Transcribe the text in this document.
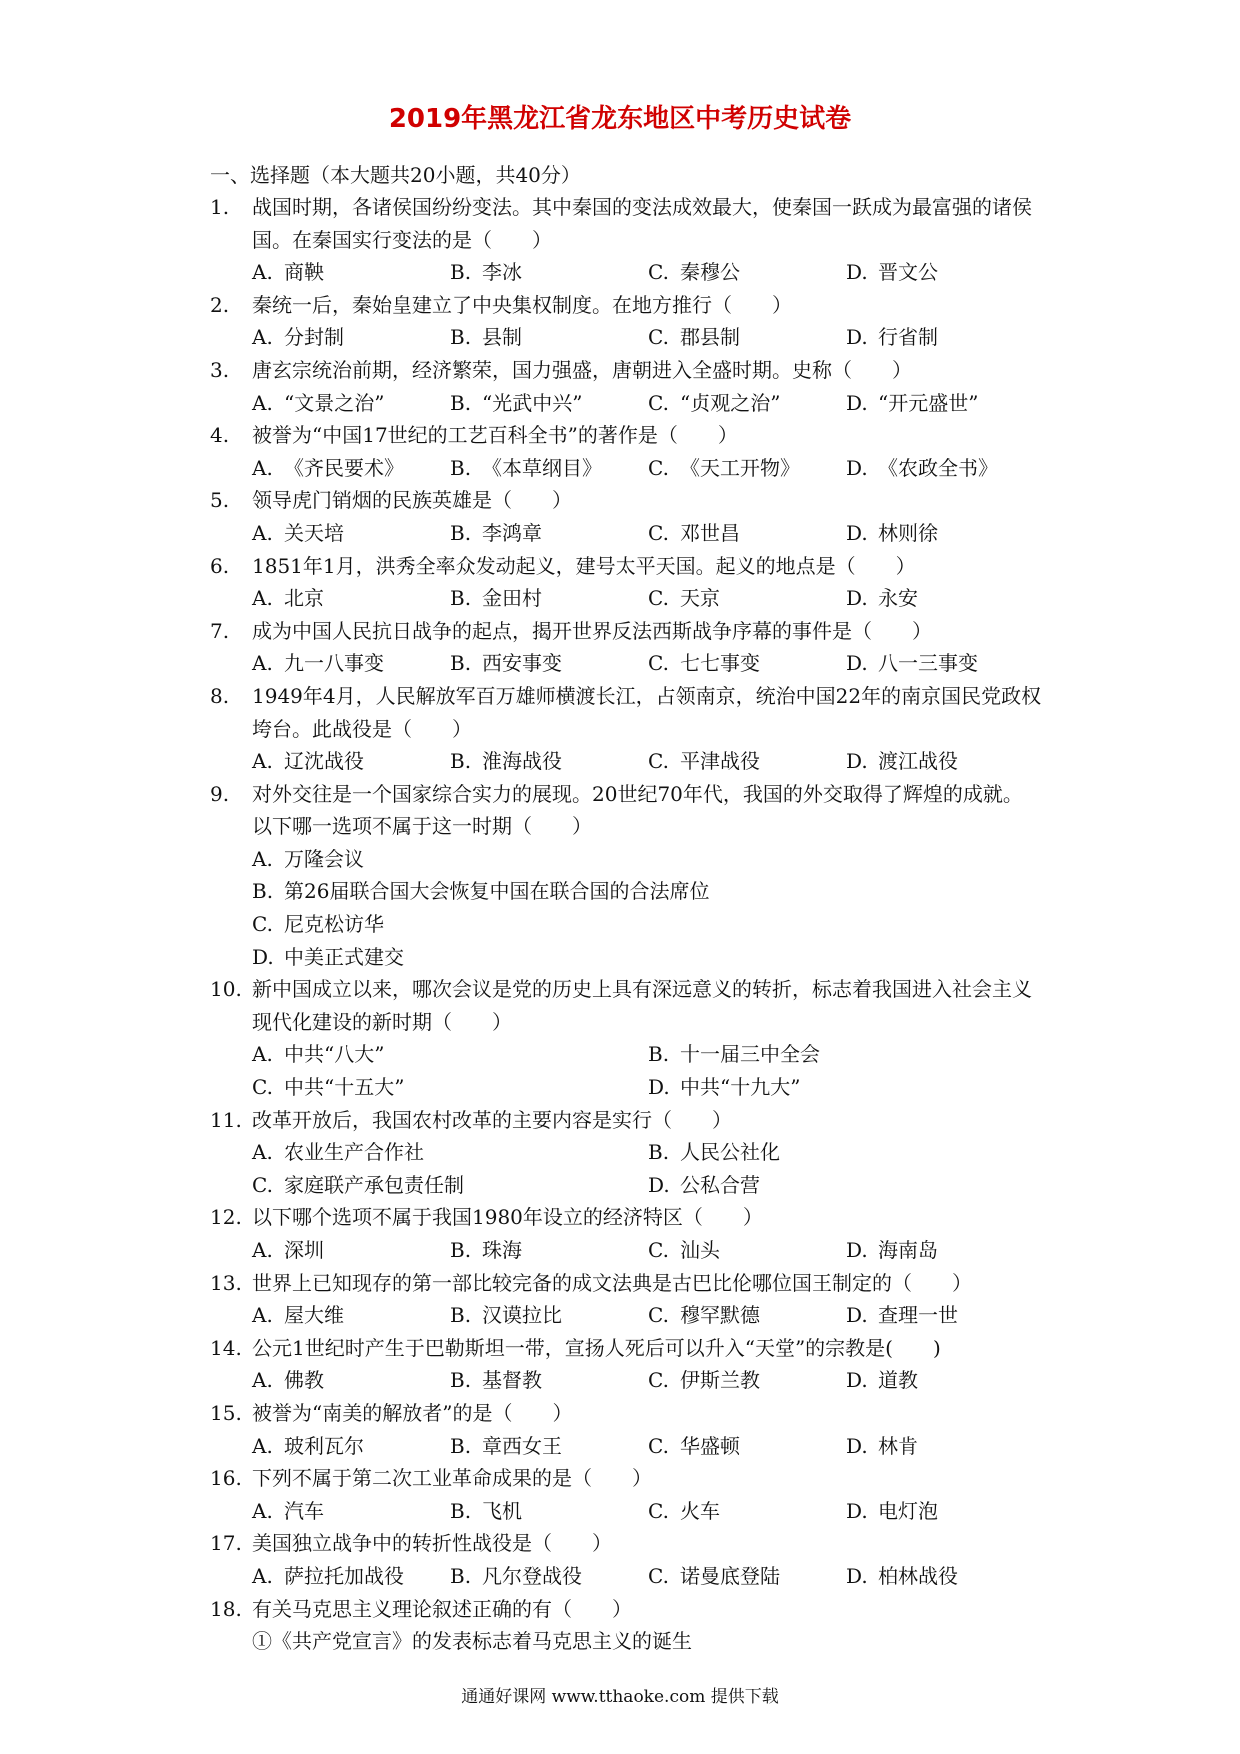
2019年黑龙江省龙东地区中考历史试卷
一、选择题（本大题共20小题，共40分）
1.	战国时期，各诸侯国纷纷变法。其中秦国的变法成效最大，使秦国一跃成为最富强的诸侯国。在秦国实行变法的是（　　）
A. 商鞅	B. 李冰	C. 秦穆公	D. 晋文公
2.	秦统一后，秦始皇建立了中央集权制度。在地方推行（　　）
A. 分封制	B. 县制	C. 郡县制	D. 行省制
3.	唐玄宗统治前期，经济繁荣，国力强盛，唐朝进入全盛时期。史称（　　）
A. “文景之治”	B. “光武中兴”	C. “贞观之治”	D. “开元盛世”
4.	被誉为“中国17世纪的工艺百科全书”的著作是（　　）
A. 《齐民要术》	B. 《本草纲目》	C. 《天工开物》	D. 《农政全书》
5.	领导虎门销烟的民族英雄是（　　）
A. 关天培	B. 李鸿章	C. 邓世昌	D. 林则徐
6.	1851年1月，洪秀全率众发动起义，建号太平天国。起义的地点是（　　）
A. 北京	B. 金田村	C. 天京	D. 永安
7.	成为中国人民抗日战争的起点，揭开世界反法西斯战争序幕的事件是（　　）
A. 九一八事变	B. 西安事变	C. 七七事变	D. 八一三事变
8.	1949年4月，人民解放军百万雄师横渡长江，占领南京，统治中国22年的南京国民党政权垮台。此战役是（　　）
A. 辽沈战役	B. 淮海战役	C. 平津战役	D. 渡江战役
9.	对外交往是一个国家综合实力的展现。20世纪70年代，我国的外交取得了辉煌的成就。以下哪一选项不属于这一时期（　　）
A. 万隆会议
B. 第26届联合国大会恢复中国在联合国的合法席位
C. 尼克松访华
D. 中美正式建交
10. 新中国成立以来，哪次会议是党的历史上具有深远意义的转折，标志着我国进入社会主义现代化建设的新时期（　　）
A. 中共“八大”	B. 十一届三中全会
C. 中共“十五大”	D. 中共“十九大”
11. 改革开放后，我国农村改革的主要内容是实行（　　）
A. 农业生产合作社	B. 人民公社化
C. 家庭联产承包责任制	D. 公私合营
12. 以下哪个选项不属于我国1980年设立的经济特区（　　）
A. 深圳	B. 珠海	C. 汕头	D. 海南岛
13. 世界上已知现存的第一部比较完备的成文法典是古巴比伦哪位国王制定的（　　）
A. 屋大维	B. 汉谟拉比	C. 穆罕默德	D. 查理一世
14. 公元1世纪时产生于巴勒斯坦一带，宣扬人死后可以升入“天堂”的宗教是(　　)
A. 佛教	B. 基督教	C. 伊斯兰教	D. 道教
15. 被誉为“南美的解放者”的是（　　）
A. 玻利瓦尔	B. 章西女王	C. 华盛顿	D. 林肯
16. 下列不属于第二次工业革命成果的是（　　）
A. 汽车	B. 飞机	C. 火车	D. 电灯泡
17. 美国独立战争中的转折性战役是（　　）
A. 萨拉托加战役	B. 凡尔登战役	C. 诺曼底登陆	D. 柏林战役
18. 有关马克思主义理论叙述正确的有（　　）
①《共产党宣言》的发表标志着马克思主义的诞生
通通好课网 www.tthaoke.com 提供下载
